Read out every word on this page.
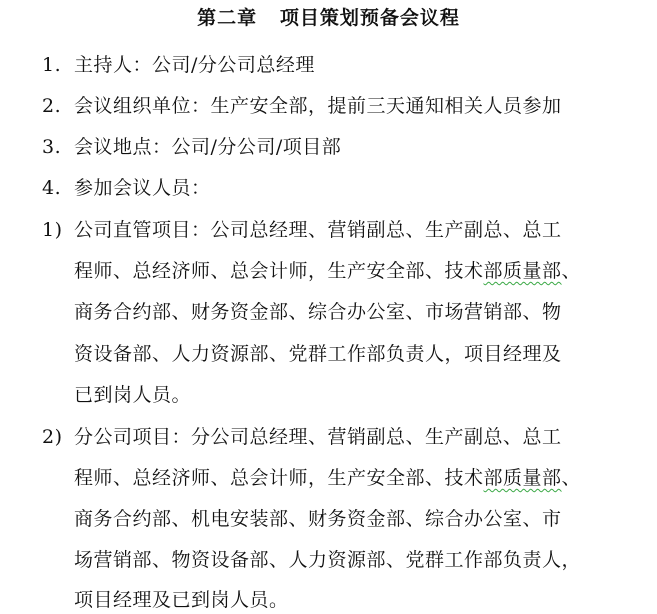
第二章   项目策划预备会议程
1. 主持人：公司/分公司总经理
2. 会议组织单位：生产安全部，提前三天通知相关人员参加
3. 会议地点：公司/分公司/项目部
4. 参加会议人员：
1) 公司直管项目：公司总经理、营销副总、生产副总、总工
程师、总经济师、总会计师，生产安全部、技术部质量部、
商务合约部、财务资金部、综合办公室、市场营销部、物
资设备部、人力资源部、党群工作部负责人，项目经理及
已到岗人员。
2) 分公司项目：分公司总经理、营销副总、生产副总、总工
程师、总经济师、总会计师，生产安全部、技术部质量部、
商务合约部、机电安装部、财务资金部、综合办公室、市
场营销部、物资设备部、人力资源部、党群工作部负责人，
项目经理及已到岗人员。
